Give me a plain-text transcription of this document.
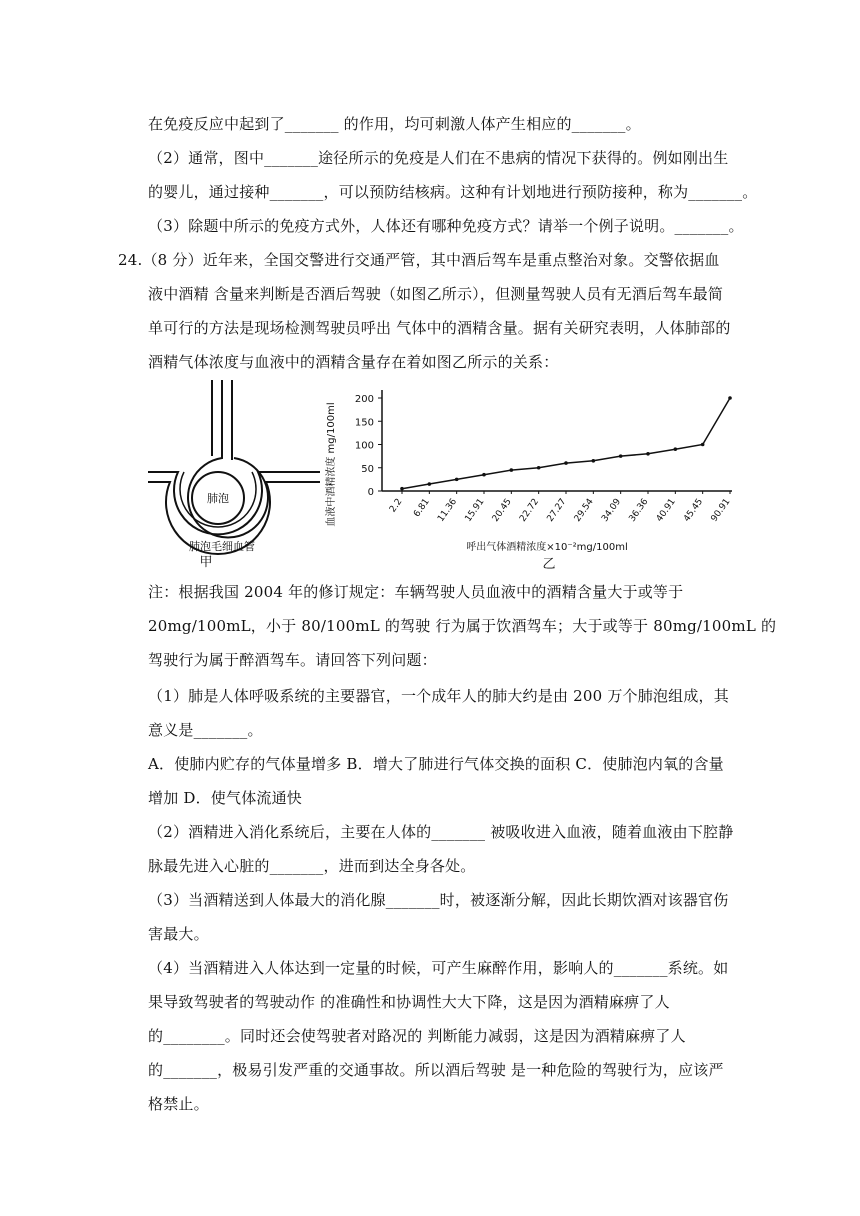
在免疫反应中起到了_______ 的作用，均可刺激人体产生相应的_______。
（2）通常，图中_______途径所示的免疫是人们在不患病的情况下获得的。例如刚出生
的婴儿，通过接种_______，可以预防结核病。这种有计划地进行预防接种，称为_______。
（3）除题中所示的免疫方式外，人体还有哪种免疫方式？请举一个例子说明。_______。
24.（8 分）近年来，全国交警进行交通严管，其中酒后驾车是重点整治对象。交警依据血
液中酒精 含量来判断是否酒后驾驶（如图乙所示），但测量驾驶人员有无酒后驾车最简
单可行的方法是现场检测驾驶员呼出 气体中的酒精含量。据有关研究表明，人体肺部的
酒精气体浓度与血液中的酒精含量存在着如图乙所示的关系：
肺泡
肺泡毛细血管
甲
0
50
100
150
200
2.2 6.81 11.36 15.91 20.45 22.72 27.27 29.54 34.09 36.36 40.91 45.45 90.91
血液中酒精浓度 mg/100ml
呼出气体酒精浓度×10⁻²mg/100ml
乙
注：根据我国 2004 年的修订规定：车辆驾驶人员血液中的酒精含量大于或等于
20mg/100mL，小于 80/100mL 的驾驶 行为属于饮酒驾车；大于或等于 80mg/100mL 的
驾驶行为属于醉酒驾车。请回答下列问题：
（1）肺是人体呼吸系统的主要器官，一个成年人的肺大约是由 200 万个肺泡组成，其
意义是_______。
A．使肺内贮存的气体量增多 B．增大了肺进行气体交换的面积 C．使肺泡内氧的含量
增加 D．使气体流通快
（2）酒精进入消化系统后，主要在人体的_______ 被吸收进入血液，随着血液由下腔静
脉最先进入心脏的_______，进而到达全身各处。
（3）当酒精送到人体最大的消化腺_______时，被逐渐分解，因此长期饮酒对该器官伤
害最大。
（4）当酒精进入人体达到一定量的时候，可产生麻醉作用，影响人的_______系统。如
果导致驾驶者的驾驶动作 的准确性和协调性大大下降，这是因为酒精麻痹了人
的________。同时还会使驾驶者对路况的 判断能力减弱，这是因为酒精麻痹了人
的_______，极易引发严重的交通事故。所以酒后驾驶 是一种危险的驾驶行为，应该严
格禁止。
